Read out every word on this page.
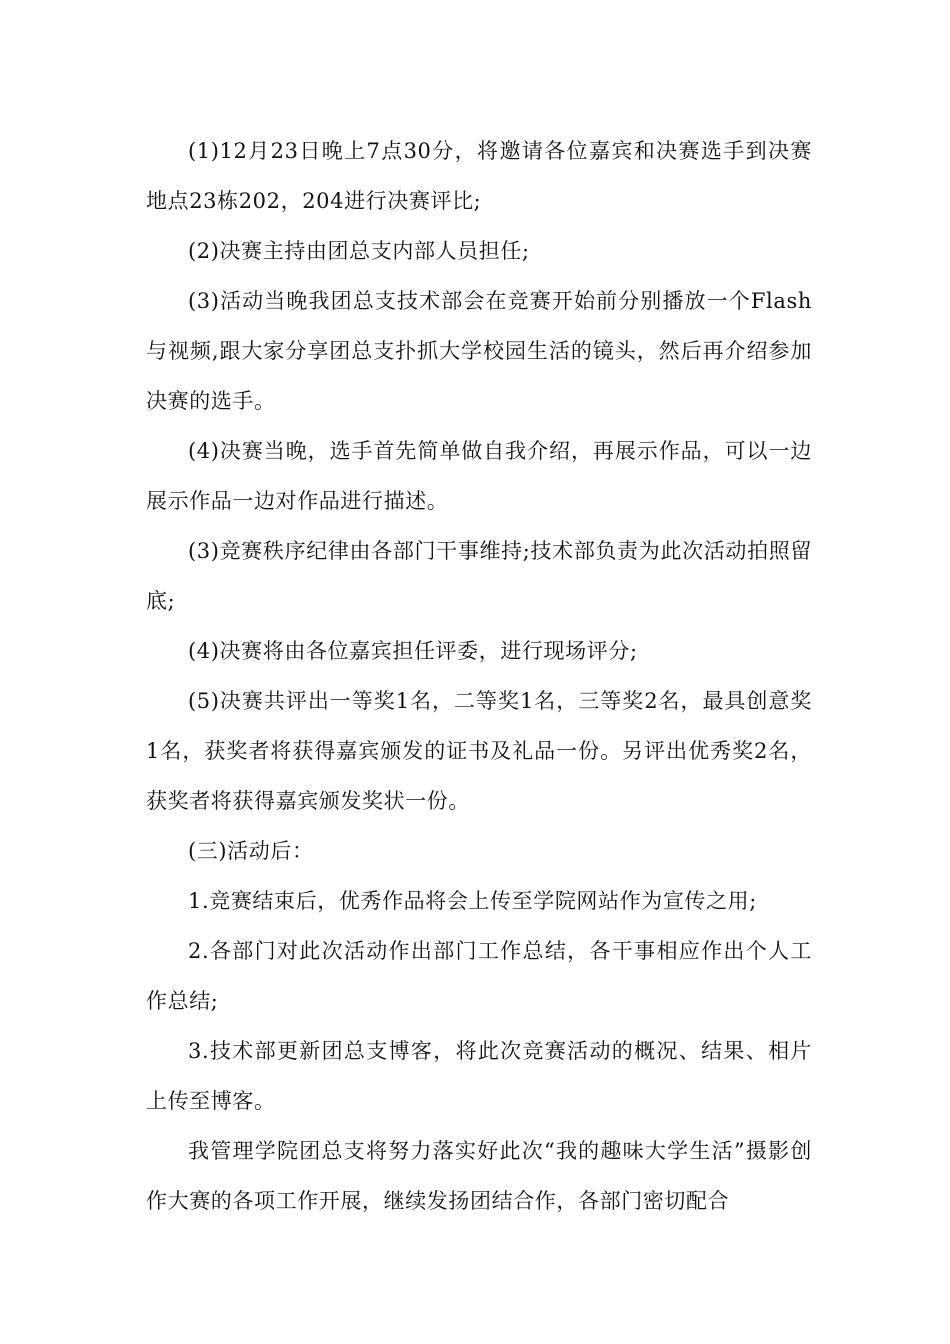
(1)12月23日晚上7点30分，将邀请各位嘉宾和决赛选手到决赛地点23栋202，204进行决赛评比;

(2)决赛主持由团总支内部人员担任;

(3)活动当晚我团总支技术部会在竞赛开始前分别播放一个Flash与视频,跟大家分享团总支扑抓大学校园生活的镜头，然后再介绍参加决赛的选手。

(4)决赛当晚，选手首先简单做自我介绍，再展示作品，可以一边展示作品一边对作品进行描述。

(3)竞赛秩序纪律由各部门干事维持;技术部负责为此次活动拍照留底;

(4)决赛将由各位嘉宾担任评委，进行现场评分;

(5)决赛共评出一等奖1名，二等奖1名，三等奖2名，最具创意奖1名，获奖者将获得嘉宾颁发的证书及礼品一份。另评出优秀奖2名，获奖者将获得嘉宾颁发奖状一份。

(三)活动后：

1.竞赛结束后，优秀作品将会上传至学院网站作为宣传之用;

2.各部门对此次活动作出部门工作总结，各干事相应作出个人工作总结;

3.技术部更新团总支博客，将此次竞赛活动的概况、结果、相片上传至博客。

我管理学院团总支将努力落实好此次“我的趣味大学生活”摄影创作大赛的各项工作开展，继续发扬团结合作，各部门密切配合
